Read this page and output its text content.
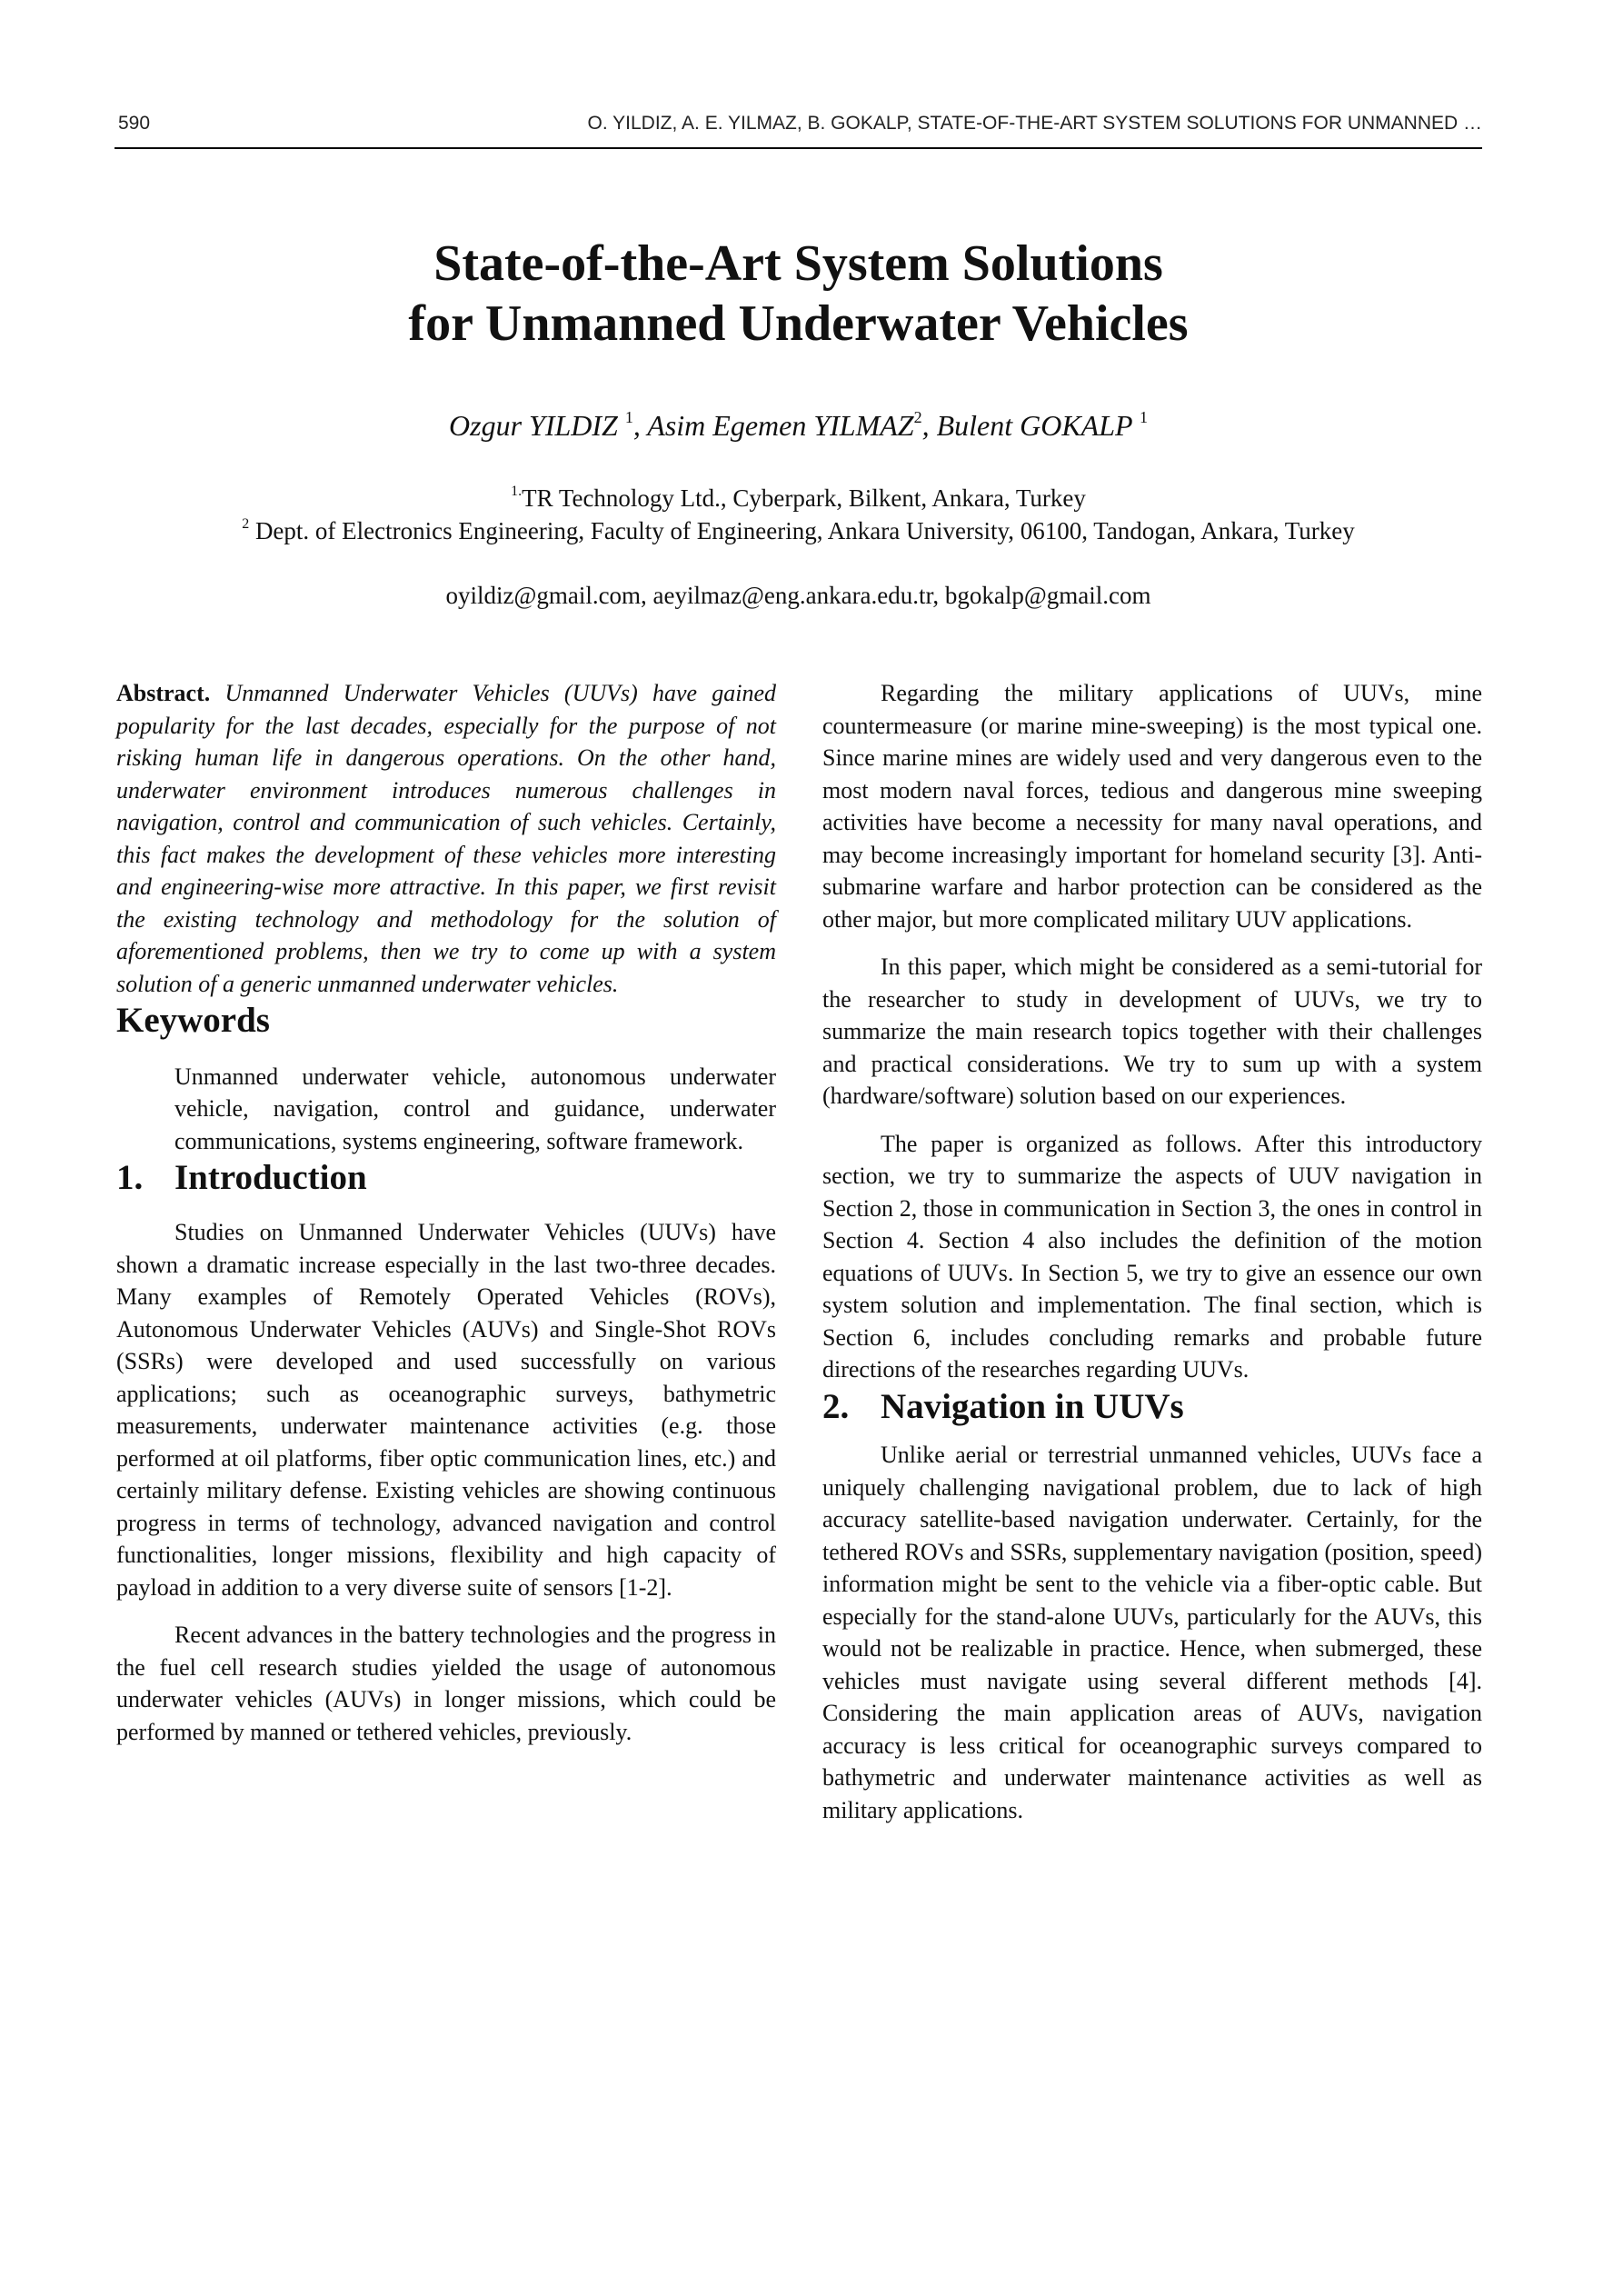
590	O. YILDIZ, A. E. YILMAZ, B. GOKALP, STATE-OF-THE-ART SYSTEM SOLUTIONS FOR UNMANNED …
State-of-the-Art System Solutions
for Unmanned Underwater Vehicles
Ozgur YILDIZ $^1$, Asim Egemen YILMAZ$^2$, Bulent GOKALP $^1$
$^{1.}$TR Technology Ltd., Cyberpark, Bilkent, Ankara, Turkey
$^2$ Dept. of Electronics Engineering, Faculty of Engineering, Ankara University, 06100, Tandogan, Ankara, Turkey
oyildiz@gmail.com, aeyilmaz@eng.ankara.edu.tr, bgokalp@gmail.com

Abstract. Unmanned Underwater Vehicles (UUVs) have gained popularity for the last decades, especially for the purpose of not risking human life in dangerous operations. On the other hand, underwater environment introduces numerous challenges in navigation, control and communication of such vehicles. Certainly, this fact makes the development of these vehicles more interesting and engineering-wise more attractive. In this paper, we first revisit the existing technology and methodology for the solution of aforementioned problems, then we try to come up with a system solution of a generic unmanned underwater vehicles.

Keywords

Unmanned underwater vehicle, autonomous underwater vehicle, navigation, control and guidance, underwater communications, systems engineering, software framework.

1. Introduction

Studies on Unmanned Underwater Vehicles (UUVs) have shown a dramatic increase especially in the last two-three decades. Many examples of Remotely Operated Vehicles (ROVs), Autonomous Underwater Vehicles (AUVs) and Single-Shot ROVs (SSRs) were developed and used successfully on various applications; such as oceanographic surveys, bathymetric measurements, underwater maintenance activities (e.g. those performed at oil platforms, fiber optic communication lines, etc.) and certainly military defense. Existing vehicles are showing continuous progress in terms of technology, advanced navigation and control functionalities, longer missions, flexibility and high capacity of payload in addition to a very diverse suite of sensors [1-2].

Recent advances in the battery technologies and the progress in the fuel cell research studies yielded the usage of autonomous underwater vehicles (AUVs) in longer missions, which could be performed by manned or tethered vehicles, previously.

Regarding the military applications of UUVs, mine countermeasure (or marine mine-sweeping) is the most typical one. Since marine mines are widely used and very dangerous even to the most modern naval forces, tedious and dangerous mine sweeping activities have become a necessity for many naval operations, and may become increasingly important for homeland security [3]. Anti-submarine warfare and harbor protection can be considered as the other major, but more complicated military UUV applications.

In this paper, which might be considered as a semi-tutorial for the researcher to study in development of UUVs, we try to summarize the main research topics together with their challenges and practical considerations. We try to sum up with a system (hardware/software) solution based on our experiences.

The paper is organized as follows. After this introductory section, we try to summarize the aspects of UUV navigation in Section 2, those in communication in Section 3, the ones in control in Section 4. Section 4 also includes the definition of the motion equations of UUVs. In Section 5, we try to give an essence our own system solution and implementation. The final section, which is Section 6, includes concluding remarks and probable future directions of the researches regarding UUVs.

2. Navigation in UUVs

Unlike aerial or terrestrial unmanned vehicles, UUVs face a uniquely challenging navigational problem, due to lack of high accuracy satellite-based navigation underwater. Certainly, for the tethered ROVs and SSRs, supplementary navigation (position, speed) information might be sent to the vehicle via a fiber-optic cable. But especially for the stand-alone UUVs, particularly for the AUVs, this would not be realizable in practice. Hence, when submerged, these vehicles must navigate using several different methods [4]. Considering the main application areas of AUVs, navigation accuracy is less critical for oceanographic surveys compared to bathymetric and underwater maintenance activities as well as military applications.
